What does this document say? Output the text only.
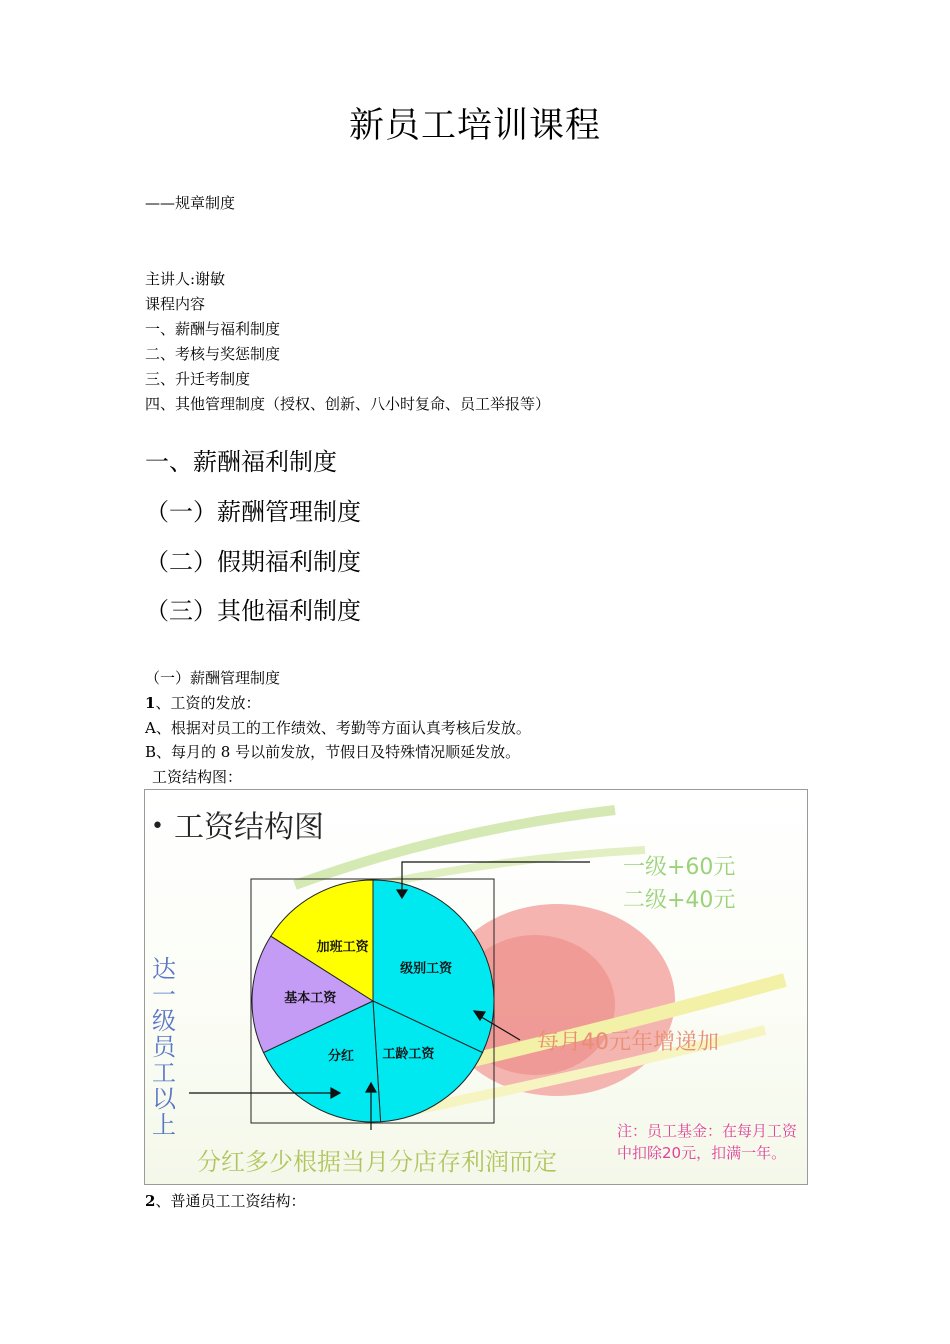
新员工培训课程
——规章制度
主讲人:谢敏
课程内容
一、薪酬与福利制度
二、考核与奖惩制度
三、升迁考制度
四、其他管理制度（授权、创新、八小时复命、员工举报等）
一、薪酬福利制度
（一）薪酬管理制度
（二）假期福利制度
（三）其他福利制度
（一）薪酬管理制度
1、工资的发放：
A、根据对员工的工作绩效、考勤等方面认真考核后发放。
B、每月的 8 号以前发放，节假日及特殊情况顺延发放。
工资结构图：
级别工资
工龄工资
分红
基本工资
加班工资
• 工资结构图
一级+60元
二级+40元
达一级员工以上
每月40元年增递加
分红多少根据当月分店存利润而定
注：员工基金：在每月工资中扣除20元，扣满一年。
2、普通员工工资结构：
